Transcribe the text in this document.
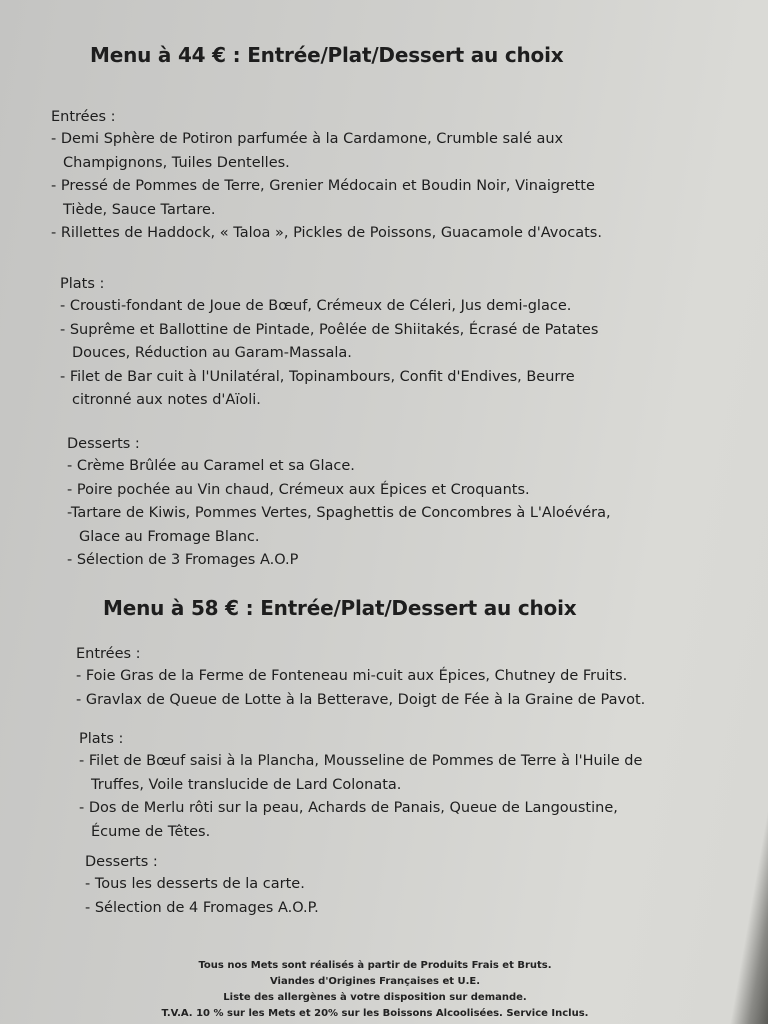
Menu à 44 € : Entrée/Plat/Dessert au choix
Entrées :
- Demi Sphère de Potiron parfumée à la Cardamone, Crumble salé aux
Champignons, Tuiles Dentelles.
- Pressé de Pommes de Terre, Grenier Médocain et Boudin Noir, Vinaigrette
Tiède, Sauce Tartare.
- Rillettes de Haddock, « Taloa », Pickles de Poissons, Guacamole d'Avocats.
Plats :
- Crousti-fondant de Joue de Bœuf, Crémeux de Céleri, Jus demi-glace.
- Suprême et Ballottine de Pintade, Poêlée de Shiitakés, Écrasé de Patates
Douces, Réduction au Garam-Massala.
- Filet de Bar cuit à l'Unilatéral, Topinambours, Confit d'Endives, Beurre
citronné aux notes d'Aïoli.
Desserts :
- Crème Brûlée au Caramel et sa Glace.
- Poire pochée au Vin chaud, Crémeux aux Épices et Croquants.
-Tartare de Kiwis, Pommes Vertes, Spaghettis de Concombres à L'Aloévéra,
Glace au Fromage Blanc.
- Sélection de 3 Fromages A.O.P
Menu à 58 € : Entrée/Plat/Dessert au choix
Entrées :
- Foie Gras de la Ferme de Fonteneau mi-cuit aux Épices, Chutney de Fruits.
- Gravlax de Queue de Lotte à la Betterave, Doigt de Fée à la Graine de Pavot.
Plats :
- Filet de Bœuf saisi à la Plancha, Mousseline de Pommes de Terre à l'Huile de
Truffes, Voile translucide de Lard Colonata.
- Dos de Merlu rôti sur la peau, Achards de Panais, Queue de Langoustine,
Écume de Têtes.
Desserts :
- Tous les desserts de la carte.
- Sélection de 4 Fromages A.O.P.
Tous nos Mets sont réalisés à partir de Produits Frais et Bruts.
Viandes d'Origines Françaises et U.E.
Liste des allergènes à votre disposition sur demande.
T.V.A. 10 % sur les Mets et 20% sur les Boissons Alcoolisées. Service Inclus.
